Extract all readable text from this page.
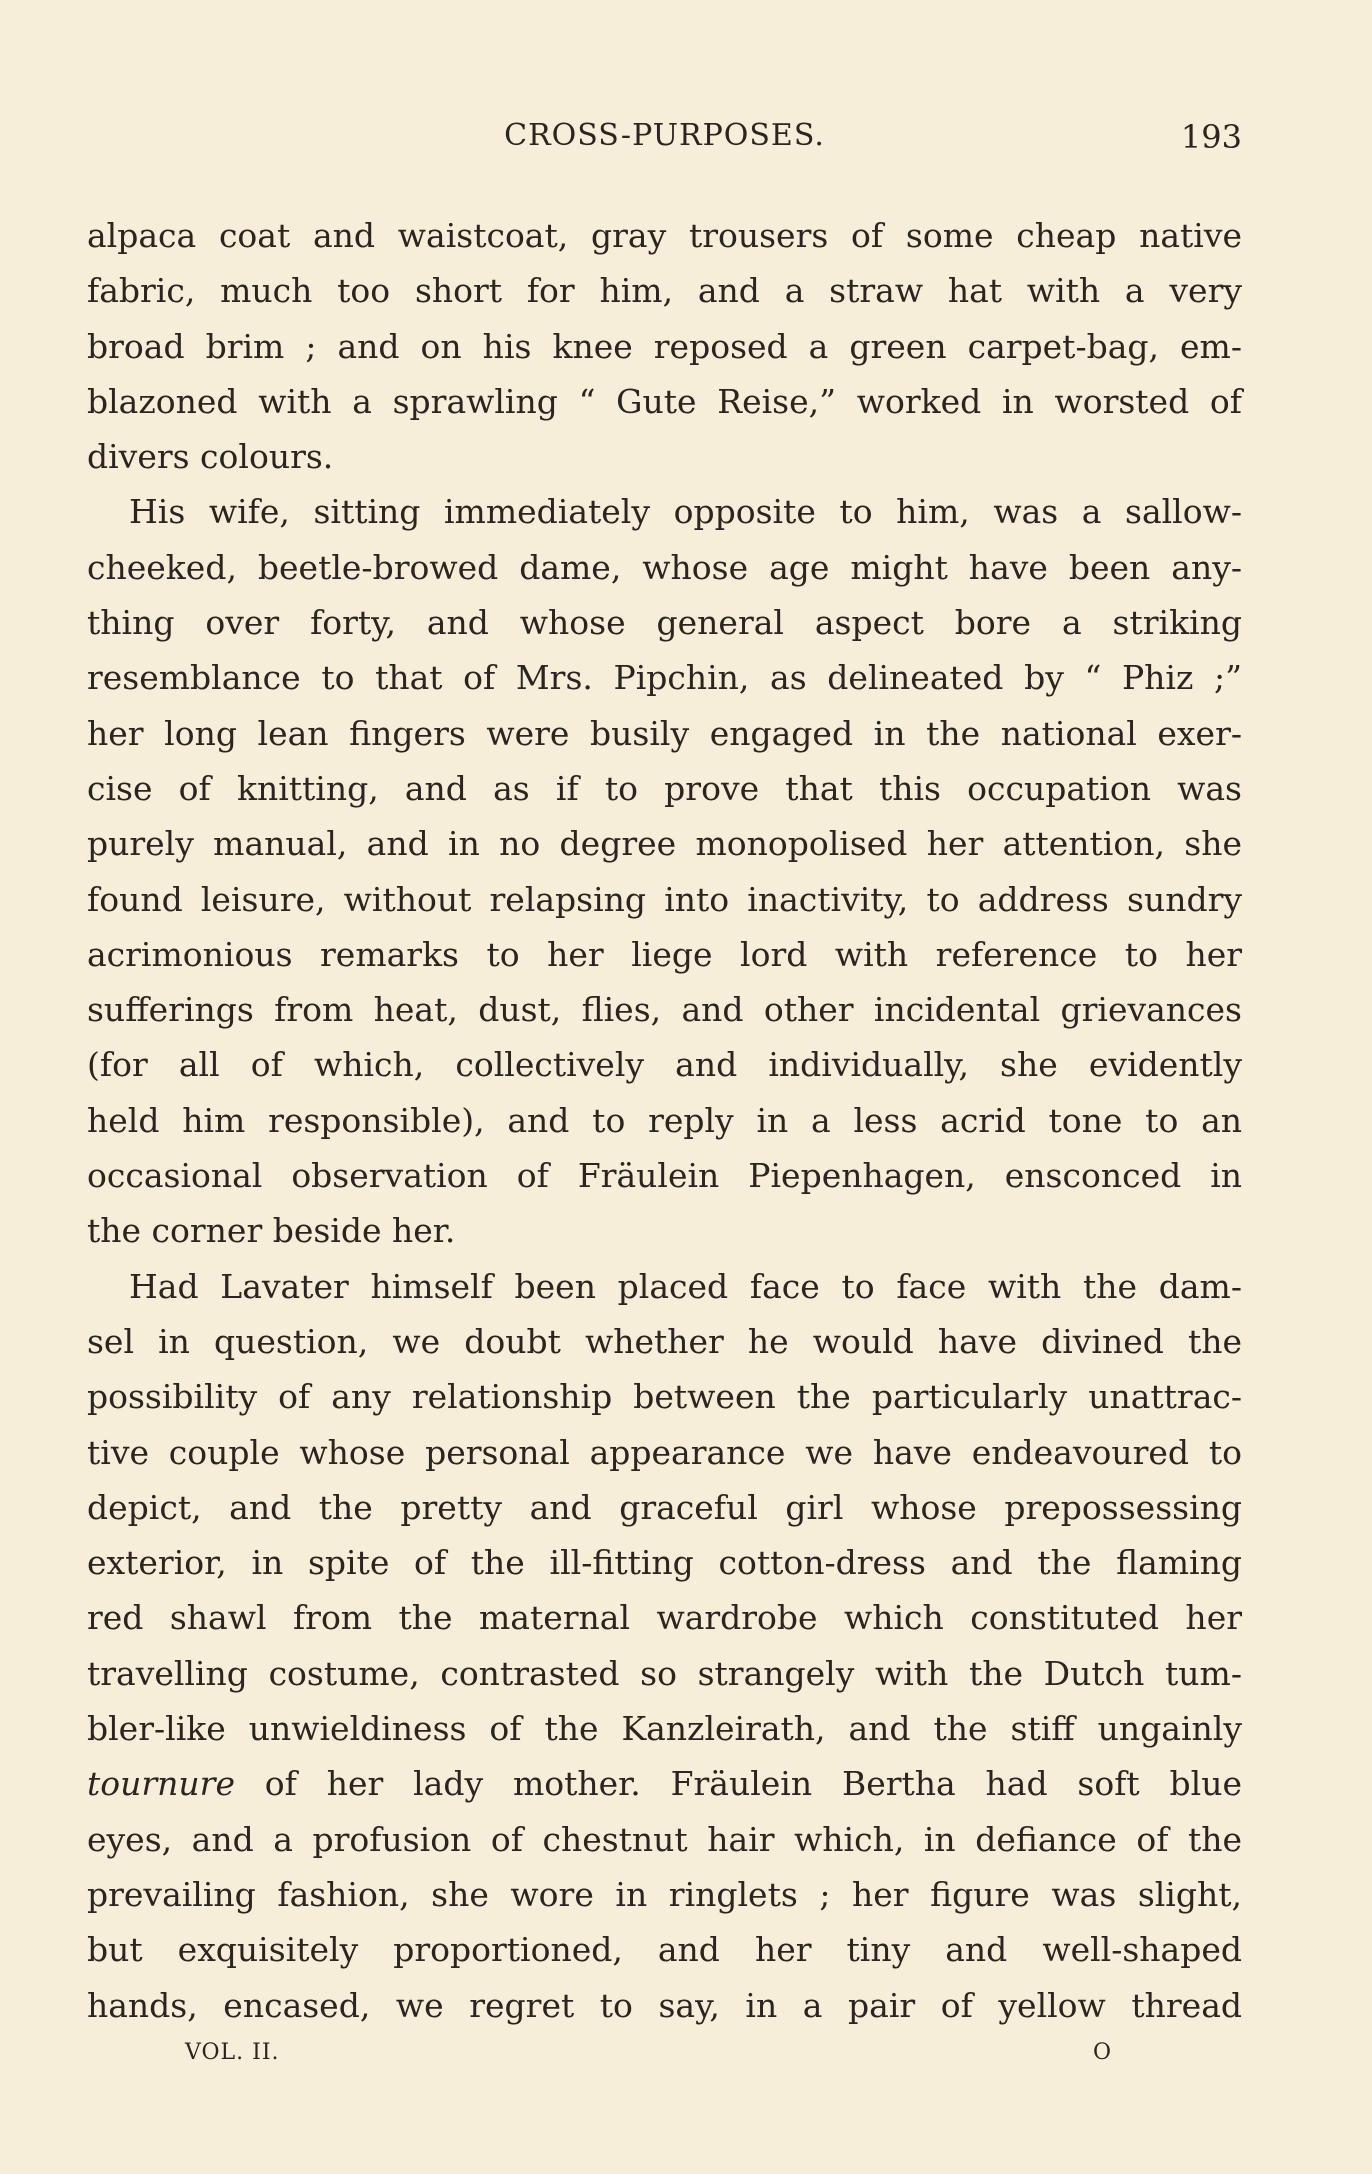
CROSS-PURPOSES.	193

alpaca coat and waistcoat, gray trousers of some cheap native

fabric, much too short for him, and a straw hat with a very

broad brim ; and on his knee reposed a green carpet-bag, em-

blazoned with a sprawling “ Gute Reise,” worked in worsted of

divers colours.

His wife, sitting immediately opposite to him, was a sallow-

cheeked, beetle-browed dame, whose age might have been any-

thing over forty, and whose general aspect bore a striking

resemblance to that of Mrs. Pipchin, as delineated by “ Phiz ;”

her long lean fingers were busily engaged in the national exer-

cise of knitting, and as if to prove that this occupation was

purely manual, and in no degree monopolised her attention, she

found leisure, without relapsing into inactivity, to address sundry

acrimonious remarks to her liege lord with reference to her

sufferings from heat, dust, flies, and other incidental grievances

(for all of which, collectively and individually, she evidently

held him responsible), and to reply in a less acrid tone to an

occasional observation of Fräulein Piepenhagen, ensconced in

the corner beside her.

Had Lavater himself been placed face to face with the dam-

sel in question, we doubt whether he would have divined the

possibility of any relationship between the particularly unattrac-

tive couple whose personal appearance we have endeavoured to

depict, and the pretty and graceful girl whose prepossessing

exterior, in spite of the ill-fitting cotton-dress and the flaming

red shawl from the maternal wardrobe which constituted her

travelling costume, contrasted so strangely with the Dutch tum-

bler-like unwieldiness of the Kanzleirath, and the stiff ungainly

tournure of her lady mother. Fräulein Bertha had soft blue

eyes, and a profusion of chestnut hair which, in defiance of the

prevailing fashion, she wore in ringlets ; her figure was slight,

but exquisitely proportioned, and her tiny and well-shaped

hands, encased, we regret to say, in a pair of yellow thread

VOL. II.	O
